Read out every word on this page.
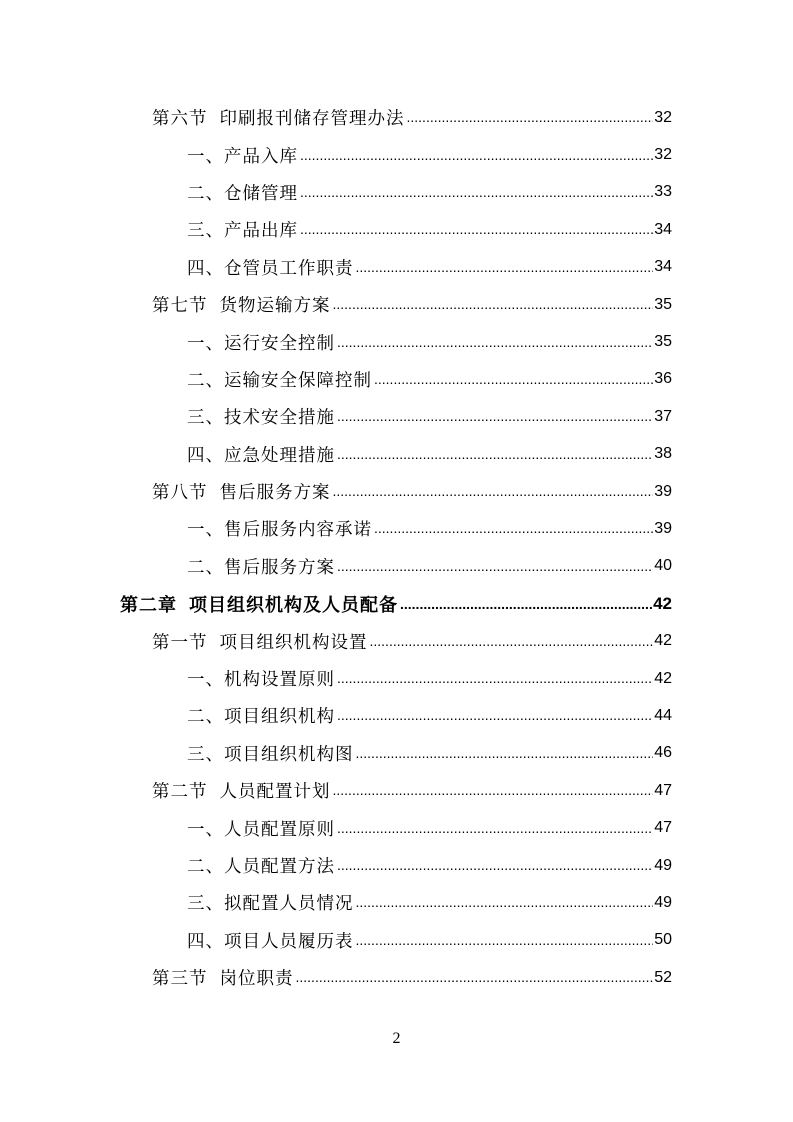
第六节 印刷报刊储存管理办法 .....	32
一、产品入库 .....	32
二、仓储管理 .....	33
三、产品出库 .....	34
四、仓管员工作职责 .....	34
第七节 货物运输方案 .....	35
一、运行安全控制 .....	35
二、运输安全保障控制 .....	36
三、技术安全措施 .....	37
四、应急处理措施 .....	38
第八节 售后服务方案 .....	39
一、售后服务内容承诺 .....	39
二、售后服务方案 .....	40
第二章 项目组织机构及人员配备 .....	42
第一节 项目组织机构设置 .....	42
一、机构设置原则 .....	42
二、项目组织机构 .....	44
三、项目组织机构图 .....	46
第二节 人员配置计划 .....	47
一、人员配置原则 .....	47
二、人员配置方法 .....	49
三、拟配置人员情况 .....	49
四、项目人员履历表 .....	50
第三节 岗位职责 .....	52
2
